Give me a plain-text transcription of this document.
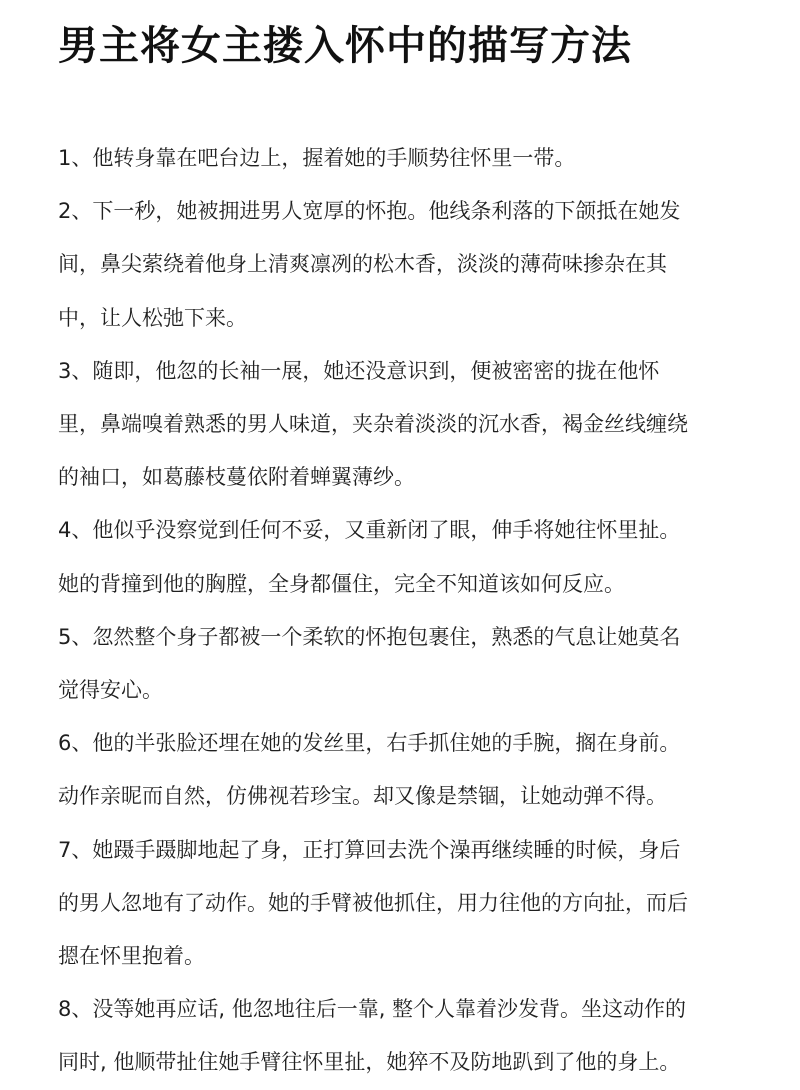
男主将女主搂入怀中的描写方法
1、他转身靠在吧台边上，握着她的手顺势往怀里一带。
2、下一秒，她被拥进男人宽厚的怀抱。他线条利落的下颌抵在她发
间，鼻尖萦绕着他身上清爽凛冽的松木香，淡淡的薄荷味掺杂在其
中，让人松弛下来。
3、随即，他忽的长袖一展，她还没意识到，便被密密的拢在他怀
里，鼻端嗅着熟悉的男人味道，夹杂着淡淡的沉水香，褐金丝线缠绕
的袖口，如葛藤枝蔓依附着蝉翼薄纱。
4、他似乎没察觉到任何不妥，又重新闭了眼，伸手将她往怀里扯。
她的背撞到他的胸膛，全身都僵住，完全不知道该如何反应。
5、忽然整个身子都被一个柔软的怀抱包裹住，熟悉的气息让她莫名
觉得安心。
6、他的半张脸还埋在她的发丝里，右手抓住她的手腕，搁在身前。
动作亲昵而自然，仿佛视若珍宝。却又像是禁锢，让她动弹不得。
7、她蹑手蹑脚地起了身，正打算回去洗个澡再继续睡的时候，身后
的男人忽地有了动作。她的手臂被他抓住，用力往他的方向扯，而后
摁在怀里抱着。
8、没等她再应话, 他忽地往后一靠, 整个人靠着沙发背。坐这动作的
同时, 他顺带扯住她手臂往怀里扯，她猝不及防地趴到了他的身上。
